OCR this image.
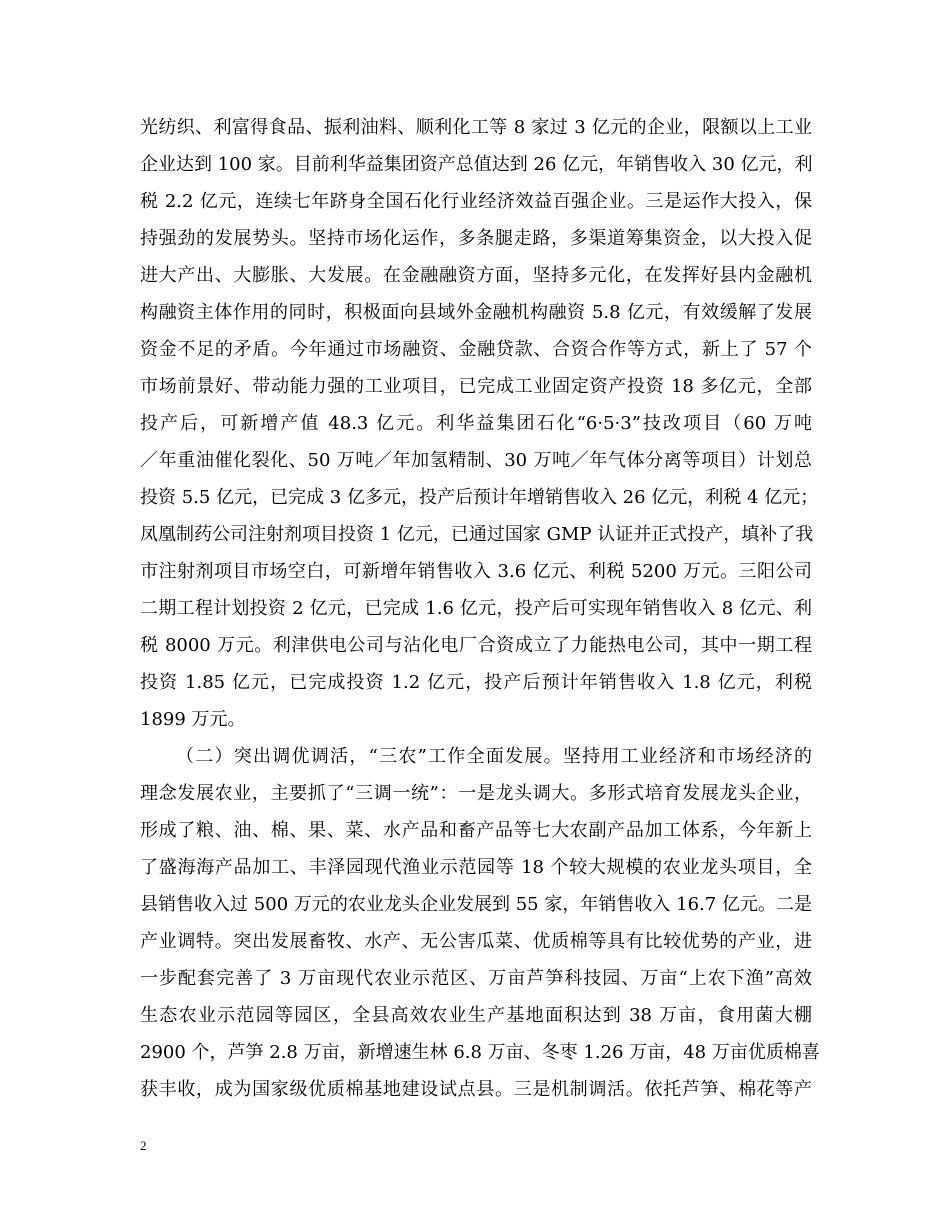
光纺织、利富得食品、振利油料、顺利化工等 8 家过 3 亿元的企业，限额以上工业
企业达到 100 家。目前利华益集团资产总值达到 26 亿元，年销售收入 30 亿元，利
税 2.2 亿元，连续七年跻身全国石化行业经济效益百强企业。三是运作大投入，保
持强劲的发展势头。坚持市场化运作，多条腿走路，多渠道筹集资金，以大投入促
进大产出、大膨胀、大发展。在金融融资方面，坚持多元化，在发挥好县内金融机
构融资主体作用的同时，积极面向县域外金融机构融资 5.8 亿元，有效缓解了发展
资金不足的矛盾。今年通过市场融资、金融贷款、合资合作等方式，新上了 57 个
市场前景好、带动能力强的工业项目，已完成工业固定资产投资 18 多亿元，全部
投产后，可新增产值 48.3 亿元。利华益集团石化“6·5·3”技改项目（60 万吨
／年重油催化裂化、50 万吨／年加氢精制、30 万吨／年气体分离等项目）计划总
投资 5.5 亿元，已完成 3 亿多元，投产后预计年增销售收入 26 亿元，利税 4 亿元；
凤凰制药公司注射剂项目投资 1 亿元，已通过国家 GMP 认证并正式投产，填补了我
市注射剂项目市场空白，可新增年销售收入 3.6 亿元、利税 5200 万元。三阳公司
二期工程计划投资 2 亿元，已完成 1.6 亿元，投产后可实现年销售收入 8 亿元、利
税 8000 万元。利津供电公司与沾化电厂合资成立了力能热电公司，其中一期工程
投资 1.85 亿元，已完成投资 1.2 亿元，投产后预计年销售收入 1.8 亿元，利税
1899 万元。
（二）突出调优调活，“三农”工作全面发展。坚持用工业经济和市场经济的
理念发展农业，主要抓了“三调一统”：一是龙头调大。多形式培育发展龙头企业，
形成了粮、油、棉、果、菜、水产品和畜产品等七大农副产品加工体系，今年新上
了盛海海产品加工、丰泽园现代渔业示范园等 18 个较大规模的农业龙头项目，全
县销售收入过 500 万元的农业龙头企业发展到 55 家，年销售收入 16.7 亿元。二是
产业调特。突出发展畜牧、水产、无公害瓜菜、优质棉等具有比较优势的产业，进
一步配套完善了 3 万亩现代农业示范区、万亩芦笋科技园、万亩“上农下渔”高效
生态农业示范园等园区，全县高效农业生产基地面积达到 38 万亩，食用菌大棚
2900 个，芦笋 2.8 万亩，新增速生林 6.8 万亩、冬枣 1.26 万亩，48 万亩优质棉喜
获丰收，成为国家级优质棉基地建设试点县。三是机制调活。依托芦笋、棉花等产
2
